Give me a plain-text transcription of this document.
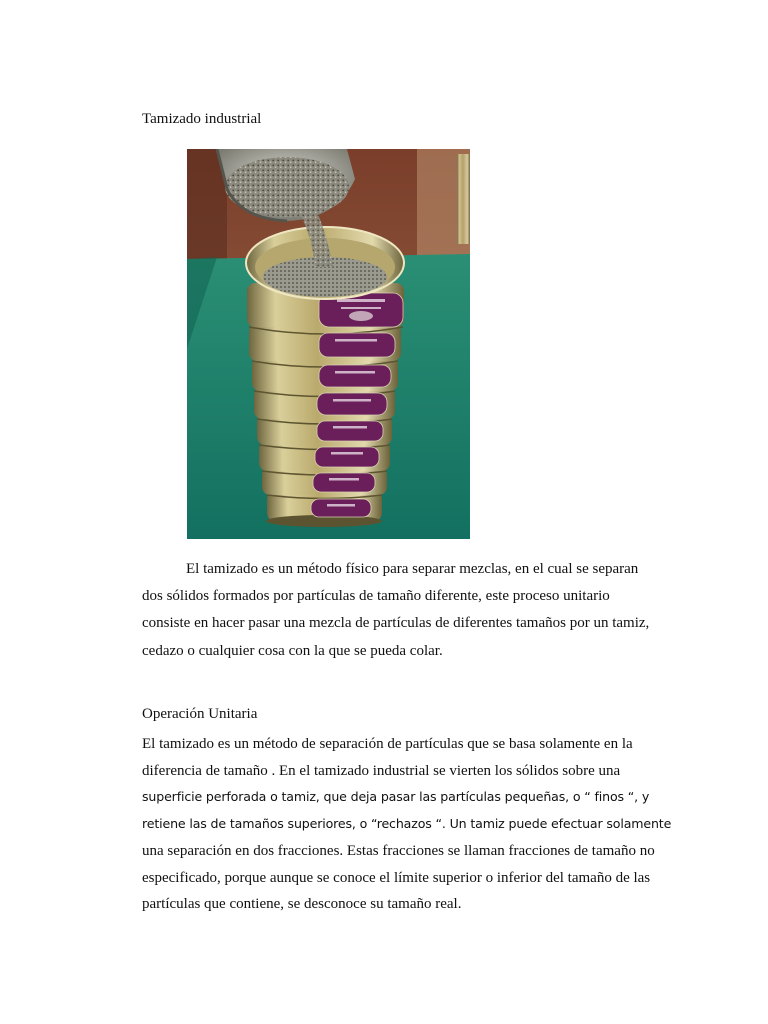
Tamizado industrial

El tamizado es un método físico para separar mezclas, en el cual se separan
dos sólidos formados por partículas de tamaño diferente, este proceso unitario
consiste en hacer pasar una mezcla de partículas de diferentes tamaños por un tamiz,
cedazo o cualquier cosa con la que se pueda colar.

Operación Unitaria

El tamizado es un método de separación de partículas que se basa solamente en la
diferencia de tamaño . En el tamizado industrial se vierten los sólidos sobre una
superficie perforada o tamiz, que deja pasar las partículas pequeñas, o “ finos “, y
retiene las de tamaños superiores, o “rechazos “. Un tamiz puede efectuar solamente
una separación en dos fracciones. Estas fracciones se llaman fracciones de tamaño no
especificado, porque aunque se conoce el límite superior o inferior del tamaño de las
partículas que contiene, se desconoce su tamaño real.
